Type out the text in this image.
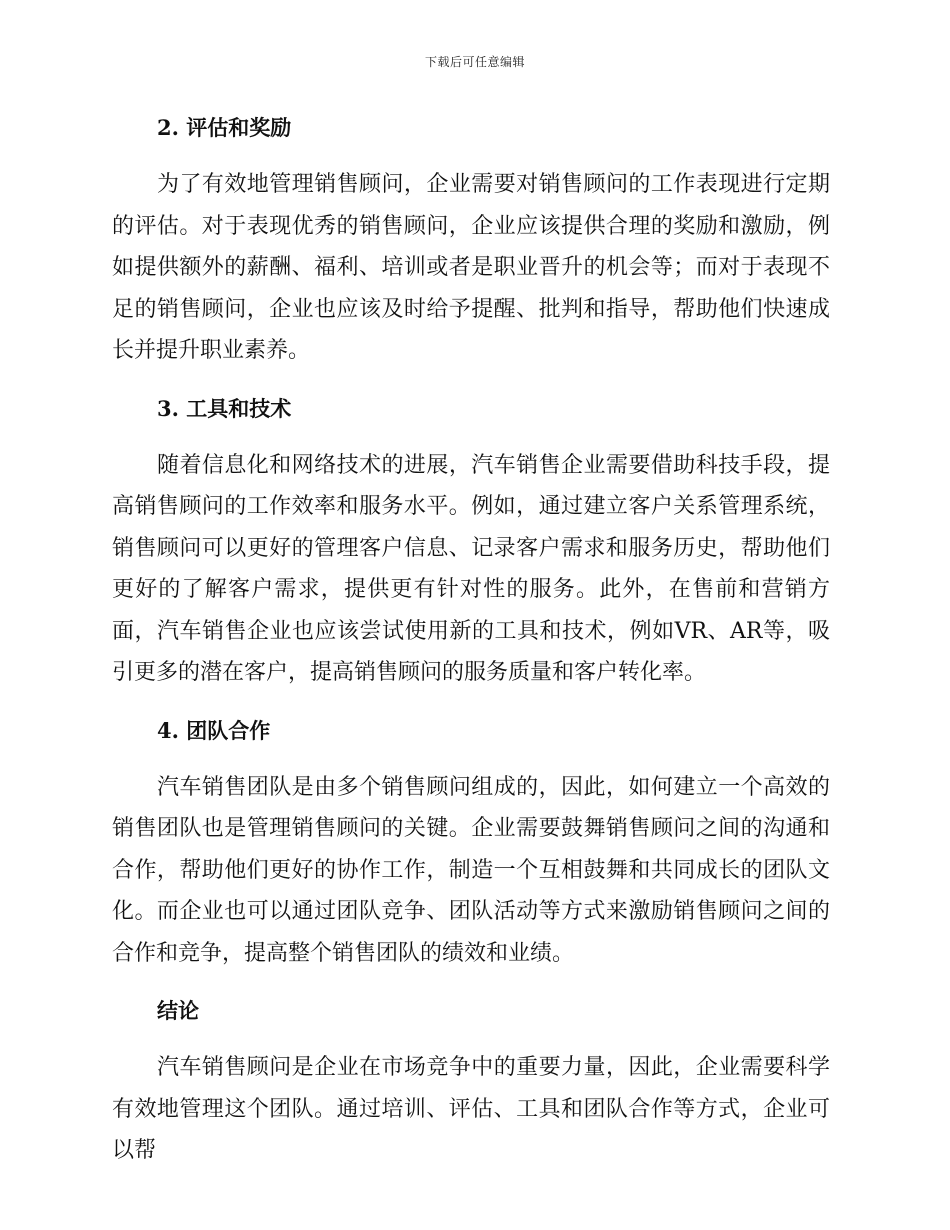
下载后可任意编辑
2. 评估和奖励

为了有效地管理销售顾问，企业需要对销售顾问的工作表现进行定期的评估。对于表现优秀的销售顾问，企业应该提供合理的奖励和激励，例如提供额外的薪酬、福利、培训或者是职业晋升的机会等；而对于表现不足的销售顾问，企业也应该及时给予提醒、批判和指导，帮助他们快速成长并提升职业素养。

3. 工具和技术

随着信息化和网络技术的进展，汽车销售企业需要借助科技手段，提高销售顾问的工作效率和服务水平。例如，通过建立客户关系管理系统，销售顾问可以更好的管理客户信息、记录客户需求和服务历史，帮助他们更好的了解客户需求，提供更有针对性的服务。此外，在售前和营销方面，汽车销售企业也应该尝试使用新的工具和技术，例如VR、AR等，吸引更多的潜在客户，提高销售顾问的服务质量和客户转化率。

4. 团队合作

汽车销售团队是由多个销售顾问组成的，因此，如何建立一个高效的销售团队也是管理销售顾问的关键。企业需要鼓舞销售顾问之间的沟通和合作，帮助他们更好的协作工作，制造一个互相鼓舞和共同成长的团队文化。而企业也可以通过团队竞争、团队活动等方式来激励销售顾问之间的合作和竞争，提高整个销售团队的绩效和业绩。

结论

汽车销售顾问是企业在市场竞争中的重要力量，因此，企业需要科学有效地管理这个团队。通过培训、评估、工具和团队合作等方式，企业可以帮
